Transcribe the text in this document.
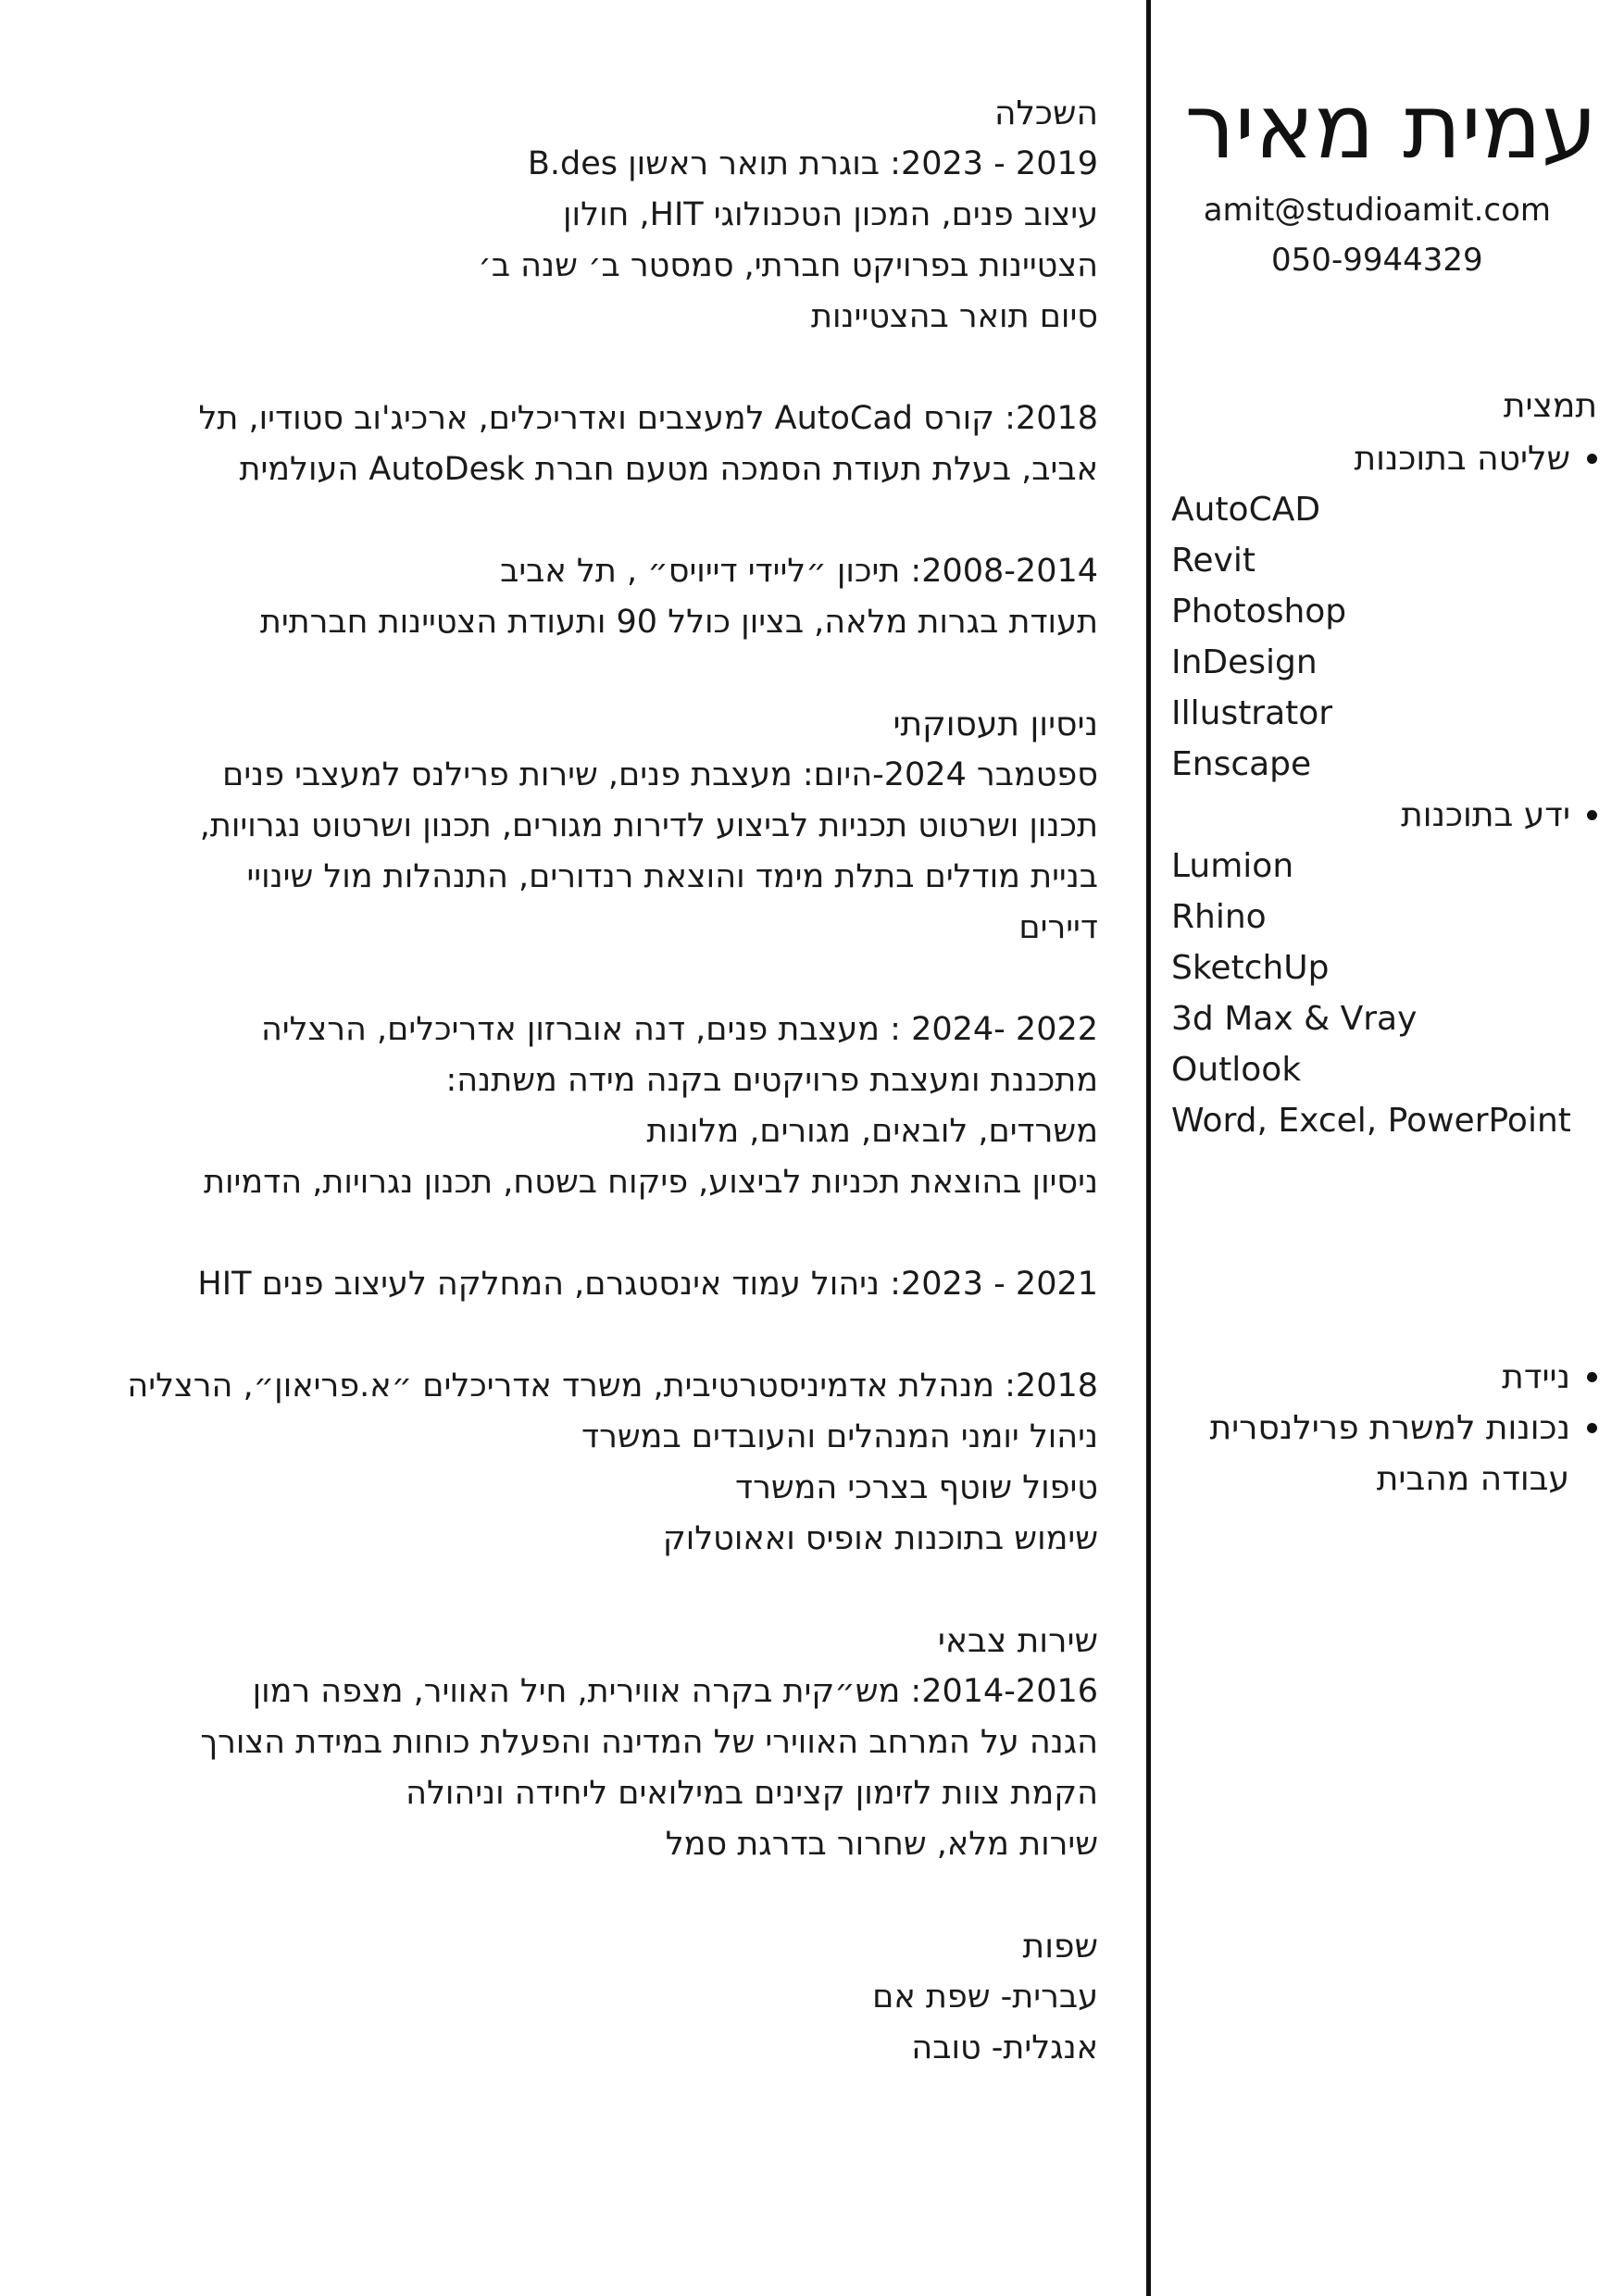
עמית מאיר
amit@studioamit.com
050-9944329
תמצית
שליטה בתוכנות
AutoCAD
Revit
Photoshop
InDesign
Illustrator
Enscape
ידע בתוכנות
Lumion
Rhino
SketchUp
3d Max & Vray
Outlook
Word, Excel, PowerPoint
ניידת
נכונות למשרת פרילנסרית
עבודה מהבית
השכלה

2019 - 2023: בוגרת תואר ראשון B.des

עיצוב פנים, המכון הטכנולוגי HIT, חולון

הצטיינות בפרויקט חברתי, סמסטר ב׳ שנה ב׳

סיום תואר בהצטיינות

2018: קורס AutoCad למעצבים ואדריכלים, ארכיג'וב סטודיו, תל

אביב, בעלת תעודת הסמכה מטעם חברת AutoDesk העולמית

2008-2014: תיכון ״ליידי דייויס״ , תל אביב

תעודת בגרות מלאה, בציון כולל 90 ותעודת הצטיינות חברתית

ניסיון תעסוקתי

ספטמבר 2024-היום: מעצבת פנים, שירות פרילנס למעצבי פנים

תכנון ושרטוט תכניות לביצוע לדירות מגורים, תכנון ושרטוט נגרויות,

בניית מודלים בתלת מימד והוצאת רנדורים, התנהלות מול שינויי

דיירים

2022 -2024 : מעצבת פנים, דנה אוברזון אדריכלים, הרצליה

מתכננת ומעצבת פרויקטים בקנה מידה משתנה:

משרדים, לובאים, מגורים, מלונות

ניסיון בהוצאת תכניות לביצוע, פיקוח בשטח, תכנון נגרויות, הדמיות

2021 - 2023: ניהול עמוד אינסטגרם, המחלקה לעיצוב פנים HIT

2018: מנהלת אדמיניסטרטיבית, משרד אדריכלים ״א.פריאון״, הרצליה

ניהול יומני המנהלים והעובדים במשרד

טיפול שוטף בצרכי המשרד

שימוש בתוכנות אופיס ואאוטלוק

שירות צבאי

2014-2016: מש״קית בקרה אווירית, חיל האוויר, מצפה רמון

הגנה על המרחב האווירי של המדינה והפעלת כוחות במידת הצורך

הקמת צוות לזימון קצינים במילואים ליחידה וניהולה

שירות מלא, שחרור בדרגת סמל

שפות

עברית- שפת אם

אנגלית- טובה
